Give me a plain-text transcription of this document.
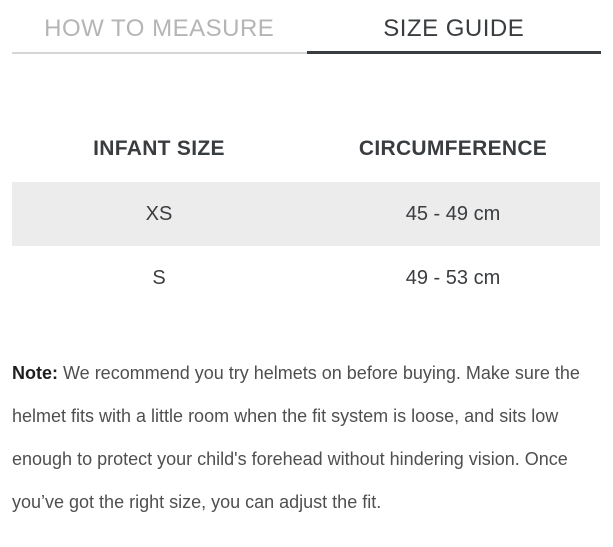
HOW TO MEASURE	SIZE GUIDE
INFANT SIZE	CIRCUMFERENCE
XS	45 - 49 cm
S	49 - 53 cm

Note: We recommend you try helmets on before buying. Make sure the helmet fits with a little room when the fit system is loose, and sits low enough to protect your child's forehead without hindering vision. Once you’ve got the right size, you can adjust the fit.
